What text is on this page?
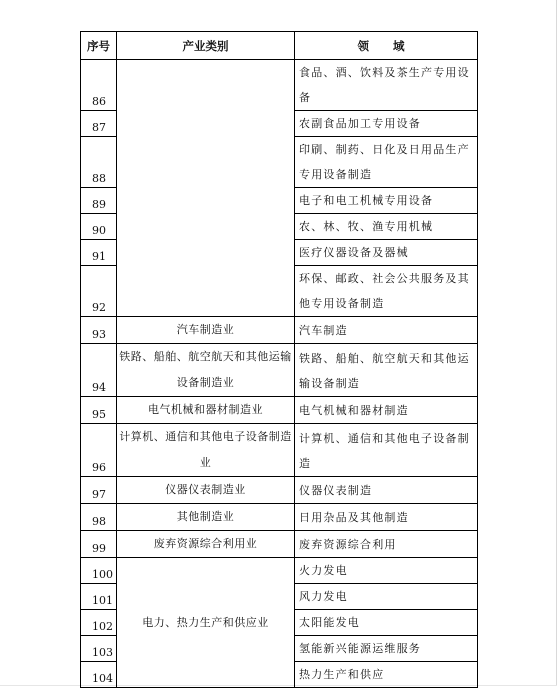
序号	产业类别	领 域
86		食品、酒、饮料及茶生产专用设备
87		农副食品加工专用设备
88		印刷、制药、日化及日用品生产专用设备制造
89		电子和电工机械专用设备
90		农、林、牧、渔专用机械
91		医疗仪器设备及器械
92		环保、邮政、社会公共服务及其他专用设备制造
93	汽车制造业	汽车制造
94	铁路、船舶、航空航天和其他运输设备制造业	铁路、船舶、航空航天和其他运输设备制造
95	电气机械和器材制造业	电气机械和器材制造
96	计算机、通信和其他电子设备制造业	计算机、通信和其他电子设备制造
97	仪器仪表制造业	仪器仪表制造
98	其他制造业	日用杂品及其他制造
99	废弃资源综合利用业	废弃资源综合利用
100	电力、热力生产和供应业	火力发电
101		风力发电
102		太阳能发电
103		氢能新兴能源运维服务
104		热力生产和供应
